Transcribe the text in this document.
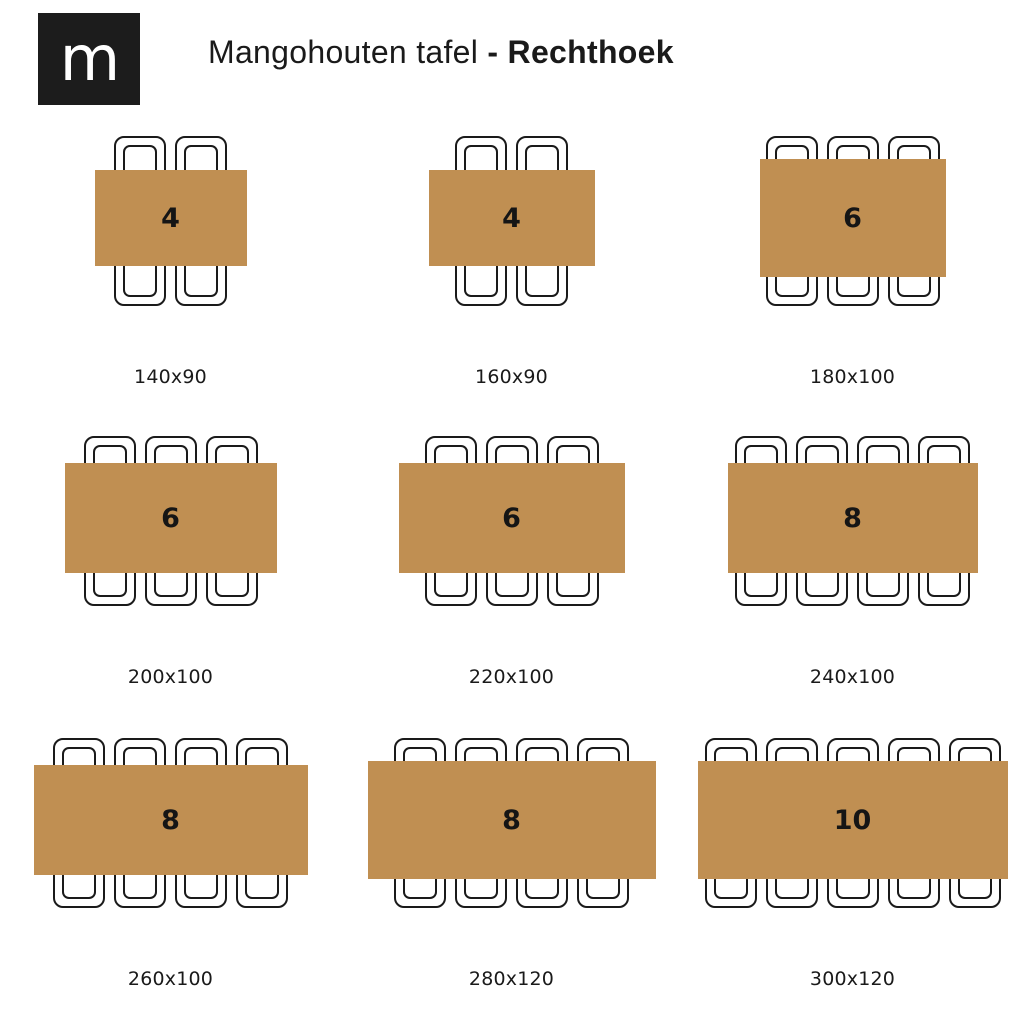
m	Mangohouten tafel - Rechthoek
4
140x90
4
160x90
6
180x100
6
200x100
6
220x100
8
240x100
8
260x100
8
280x120
10
300x120
